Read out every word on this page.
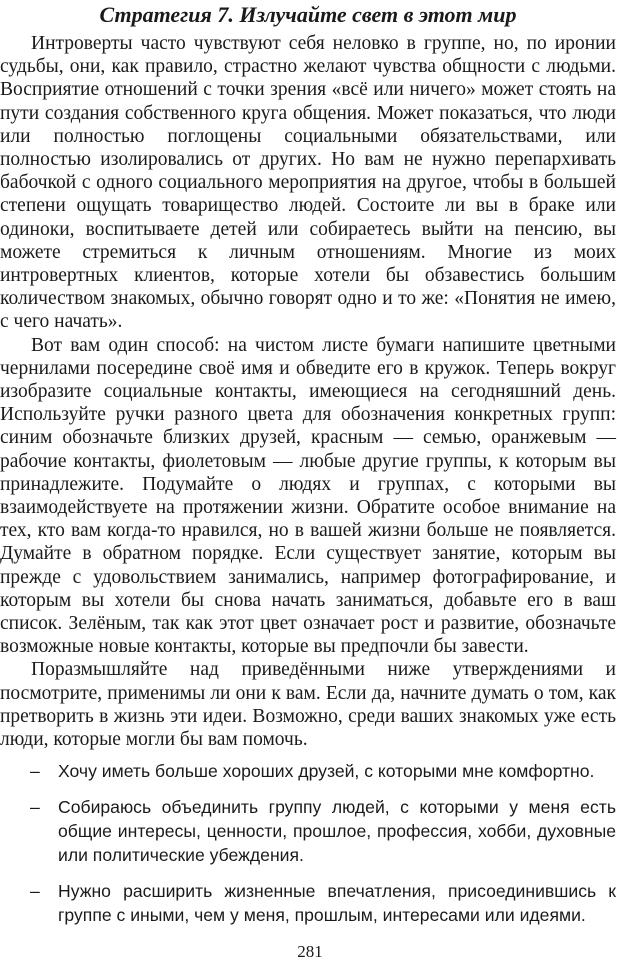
Стратегия 7. Излучайте свет в этот мир

Интроверты часто чувствуют себя неловко в группе, но, по иронии судьбы, они, как правило, страстно желают чувства общности с людьми. Восприятие отношений с точки зрения «всё или ничего» может стоять на пути создания собственного круга общения. Может показаться, что люди или полностью поглощены социальными обязательствами, или полностью изолировались от других. Но вам не нужно перепархивать бабочкой с одного социального мероприятия на другое, чтобы в большей степени ощущать товарищество людей. Состоите ли вы в браке или одиноки, воспитываете детей или собираетесь выйти на пенсию, вы можете стремиться к личным отношениям. Многие из моих интровертных клиентов, которые хотели бы обзавестись большим количеством знакомых, обычно говорят одно и то же: «Понятия не имею, с чего начать».

Вот вам один способ: на чистом листе бумаги напишите цветными чернилами посередине своё имя и обведите его в кружок. Теперь вокруг изобразите социальные контакты, имеющиеся на сегодняшний день. Используйте ручки разного цвета для обозначения конкретных групп: синим обозначьте близких друзей, красным — семью, оранжевым — рабочие контакты, фиолетовым — любые другие группы, к которым вы принадлежите. Подумайте о людях и группах, с которыми вы взаимодействуете на протяжении жизни. Обратите особое внимание на тех, кто вам когда-то нравился, но в вашей жизни больше не появляется. Думайте в обратном порядке. Если существует занятие, которым вы прежде с удовольствием занимались, например фотографирование, и которым вы хотели бы снова начать заниматься, добавьте его в ваш список. Зелёным, так как этот цвет означает рост и развитие, обозначьте возможные новые контакты, которые вы предпочли бы завести.

Поразмышляйте над приведёнными ниже утверждениями и посмотрите, применимы ли они к вам. Если да, начните думать о том, как претворить в жизнь эти идеи. Возможно, среди ваших знакомых уже есть люди, которые могли бы вам помочь.

– Хочу иметь больше хороших друзей, с которыми мне комфортно.
– Собираюсь объединить группу людей, с которыми у меня есть общие интересы, ценности, прошлое, профессия, хобби, духовные или политические убеждения.
– Нужно расширить жизненные впечатления, присоединившись к группе с иными, чем у меня, прошлым, интересами или идеями.
281
